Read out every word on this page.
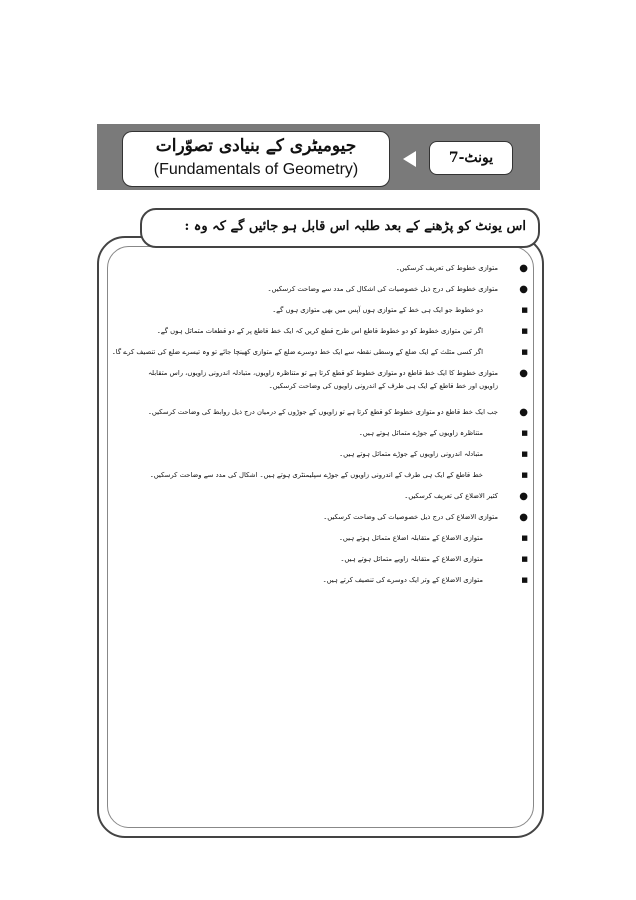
جیومیٹری کے بنیادی تصوّرات
(Fundamentals of Geometry)
یونٹ-7
اس یونٹ کو پڑھنے کے بعد طلبہ اس قابل ہو جائیں گے کہ وہ :
●
متوازی خطوط کی تعریف کرسکیں۔
●
متوازی خطوط کی درج ذیل خصوصیات کی اشکال کی مدد سے وضاحت کرسکیں۔
■
دو خطوط جو ایک ہی خط کے متوازی ہوں آپس میں بھی متوازی ہوں گے۔
■
اگر تین متوازی خطوط کو دو خطوط قاطع اس طرح قطع کریں کہ ایک خط قاطع پر کے دو قطعات متماثل ہوں گے۔
■
اگر کسی مثلث کے ایک ضلع کے وسطی نقطہ سے ایک خط دوسرے ضلع کے متوازی کھینچا جائے تو وہ تیسرے ضلع کی تنصیف کرے گا۔
●
متوازی خطوط کا ایک خط قاطع دو متوازی خطوط کو قطع کرتا ہے تو متناظرہ زاویوں، متبادلہ اندرونی زاویوں، راس متقابلہ زاویوں اور خط قاطع کے ایک ہی طرف کے اندرونی زاویوں کی وضاحت کرسکیں۔
●
جب ایک خط قاطع دو متوازی خطوط کو قطع کرتا ہے تو زاویوں کے جوڑوں کے درمیان درج ذیل روابط کی وضاحت کرسکیں۔
■
متناظرہ زاویوں کے جوڑے متماثل ہوتے ہیں۔
■
متبادلہ اندرونی زاویوں کے جوڑے متماثل ہوتے ہیں۔
■
خط قاطع کے ایک ہی طرف کے اندرونی زاویوں کے جوڑے سپلیمنٹری ہوتے ہیں۔ اشکال کی مدد سے وضاحت کرسکیں۔
●
کثیر الاضلاع کی تعریف کرسکیں۔
●
متوازی الاضلاع کی درج ذیل خصوصیات کی وضاحت کرسکیں۔
■
متوازی الاضلاع کے متقابلہ اضلاع متماثل ہوتے ہیں۔
■
متوازی الاضلاع کے متقابلہ زاویے متماثل ہوتے ہیں۔
■
متوازی الاضلاع کے وتر ایک دوسرے کی تنصیف کرتے ہیں۔
